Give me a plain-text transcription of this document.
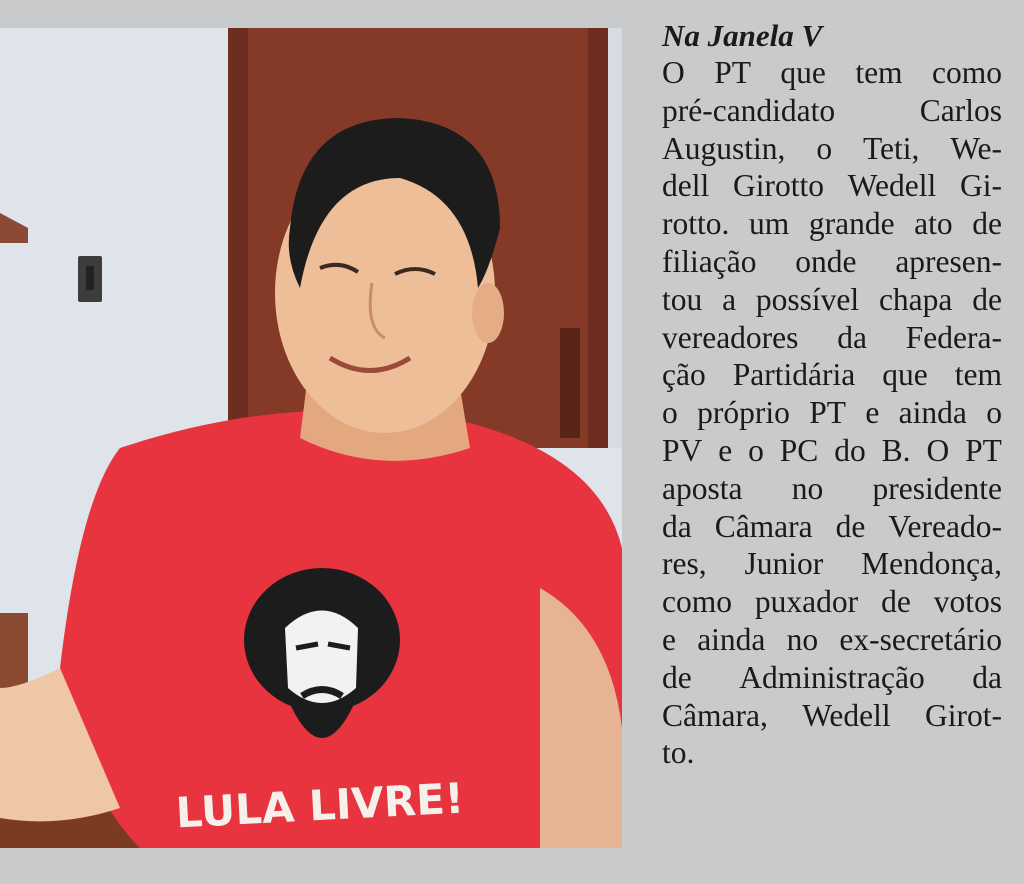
LULA LIVRE!
Na Janela V
O PT que tem como
pré-candidato	Carlos
Augustin, o Teti, We-
dell Girotto Wedell Gi-
rotto. um grande ato de
filiação onde apresen-
tou a possível chapa de
vereadores da Federa-
ção Partidária que tem
o próprio PT e ainda o
PV e o PC do B. O PT
aposta no presidente
da Câmara de Vereado-
res, Junior Mendonça,
como puxador de votos
e ainda no ex-secretário
de Administração da
Câmara, Wedell Girot-
to.
